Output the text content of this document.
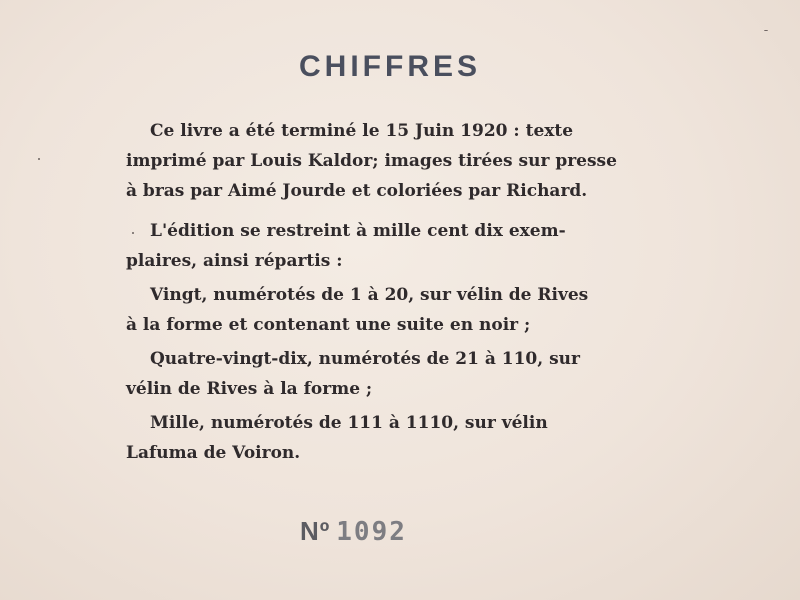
CHIFFRES
Ce livre a été terminé le 15 Juin 1920 : texte
imprimé par Louis Kaldor; images tirées sur presse
à bras par Aimé Jourde et coloriées par Richard.
L'édition se restreint à mille cent dix exem-
plaires, ainsi répartis :
Vingt, numérotés de 1 à 20, sur vélin de Rives
à la forme et contenant une suite en noir ;
Quatre-vingt-dix, numérotés de 21 à 110, sur
vélin de Rives à la forme ;
Mille, numérotés de 111 à 1110, sur vélin
Lafuma de Voiron.
Nº 1092
